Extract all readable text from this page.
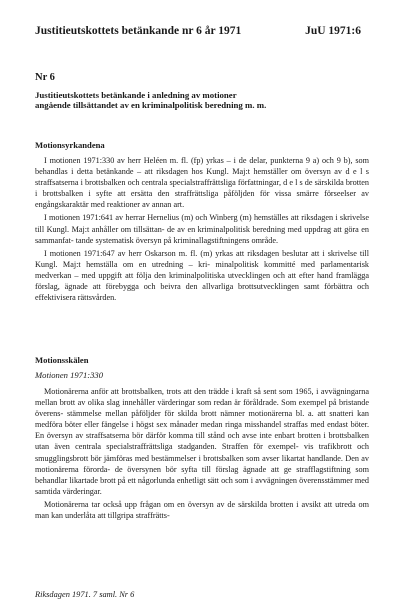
Justitieutskottets betänkande nr 6 år 1971	JuU 1971:6
Nr 6
Justitieutskottets betänkande i anledning av motioner
angående tillsättandet av en kriminalpolitisk beredning m. m.
Motionsyrkandena

I motionen 1971:330 av herr Heléen m. fl. (fp) yrkas – i de delar, punkterna 9 a) och 9 b), som behandlas i detta betänkande – att riksdagen hos Kungl. Maj:t hemställer om översyn av d e l s straffsatserna i brottsbalken och centrala specialstraffrättsliga författningar, d e l s de särskilda brotten i brottsbalken i syfte att ersätta den straffrättsliga påföljden för vissa smärre förseelser av engångskaraktär med reaktioner av annan art.

I motionen 1971:641 av herrar Hernelius (m) och Winberg (m) hemställes att riksdagen i skrivelse till Kungl. Maj:t anhåller om tillsättan- de av en kriminalpolitisk beredning med uppdrag att göra en sammanfat- tande systematisk översyn på kriminallagstiftningens område.

I motionen 1971:647 av herr Oskarson m. fl. (m) yrkas att riksdagen beslutar att i skrivelse till Kungl. Maj:t hemställa om en utredning – kri- minalpolitisk kommitté med parlamentarisk medverkan – med uppgift att följa den kriminalpolitiska utvecklingen och att efter hand framlägga förslag, ägnade att förebygga och beivra den allvarliga brottsutvecklingen samt förbättra och effektivisera rättsvården.

Motionsskälen
Motionen 1971:330

Motionärerna anför att brottsbalken, trots att den trädde i kraft så sent som 1965, i avvägningarna mellan brott av olika slag innehåller värderingar som redan är föråldrade. Som exempel på bristande överens- stämmelse mellan påföljder för skilda brott nämner motionärerna bl. a. att snatteri kan medföra böter eller fängelse i högst sex månader medan ringa misshandel straffas med endast böter. En översyn av straffsatserna bör därför komma till stånd och avse inte enbart brotten i brottsbalken utan även centrala specialstraffrättsliga stadganden. Straffen för exempel- vis trafikbrott och smugglingsbrott bör jämföras med bestämmelser i brottsbalken som avser likartat handlande. Den av motionärerna förorda- de översynen bör syfta till förslag ägnade att ge strafflagstiftning som behandlar likartade brott på ett någorlunda enhetligt sätt och som i avvägningen överensstämmer med samtida värderingar.

Motionärerna tar också upp frågan om en översyn av de särskilda brotten i avsikt att utreda om man kan underlåta att tillgripa straffrätts-

Riksdagen 1971. 7 saml. Nr 6
